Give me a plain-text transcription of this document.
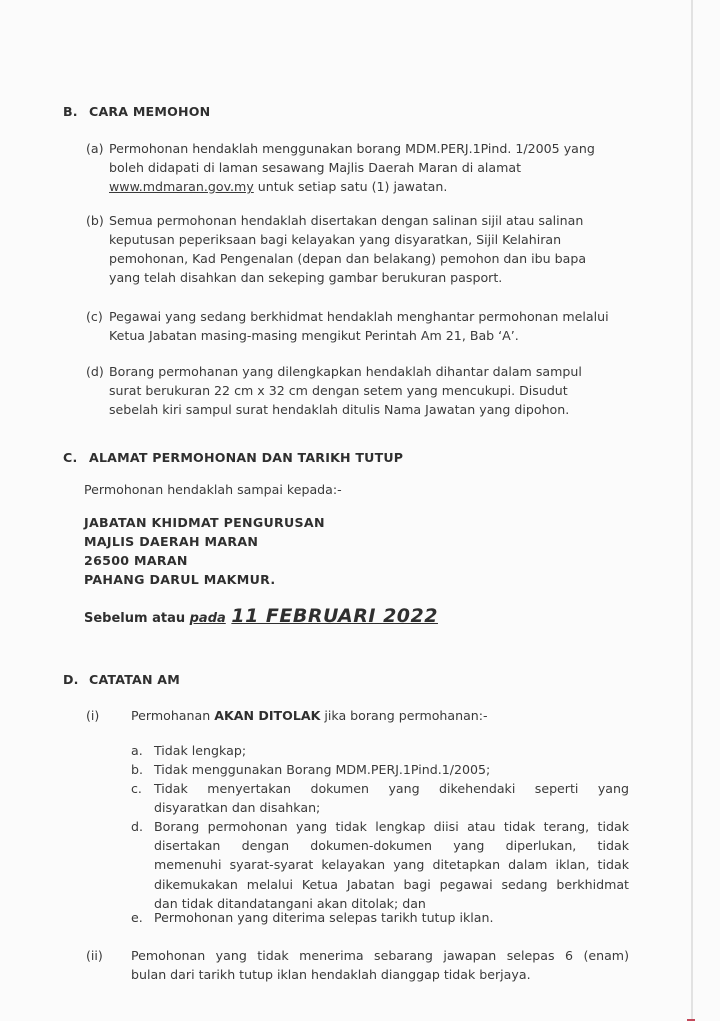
B. CARA MEMOHON
(a) Permohonan hendaklah menggunakan borang MDM.PERJ.1Pind. 1/2005 yang
boleh didapati di laman sesawang Majlis Daerah Maran di alamat
www.mdmaran.gov.my untuk setiap satu (1) jawatan.
(b) Semua permohonan hendaklah disertakan dengan salinan sijil atau salinan
keputusan peperiksaan bagi kelayakan yang disyaratkan, Sijil Kelahiran
pemohonan, Kad Pengenalan (depan dan belakang) pemohon dan ibu bapa
yang telah disahkan dan sekeping gambar berukuran pasport.
(c) Pegawai yang sedang berkhidmat hendaklah menghantar permohonan melalui
Ketua Jabatan masing-masing mengikut Perintah Am 21, Bab ‘A’.
(d) Borang permohanan yang dilengkapkan hendaklah dihantar dalam sampul
surat berukuran 22 cm x 32 cm dengan setem yang mencukupi. Disudut
sebelah kiri sampul surat hendaklah ditulis Nama Jawatan yang dipohon.
C. ALAMAT PERMOHONAN DAN TARIKH TUTUP
Permohonan hendaklah sampai kepada:-
JABATAN KHIDMAT PENGURUSAN
MAJLIS DAERAH MARAN
26500 MARAN
PAHANG DARUL MAKMUR.
Sebelum atau pada 11 FEBRUARI 2022
D. CATATAN AM
(i)	Permohanan AKAN DITOLAK jika borang permohanan:-
a. Tidak lengkap;
b. Tidak menggunakan Borang MDM.PERJ.1Pind.1/2005;
c. Tidak menyertakan dokumen yang dikehendaki seperti yang
disyaratkan dan disahkan;
d. Borang permohonan yang tidak lengkap diisi atau tidak terang, tidak
disertakan dengan dokumen-dokumen yang diperlukan, tidak
memenuhi syarat-syarat kelayakan yang ditetapkan dalam iklan, tidak
dikemukakan melalui Ketua Jabatan bagi pegawai sedang berkhidmat
dan tidak ditandatangani akan ditolak; dan
e. Permohonan yang diterima selepas tarikh tutup iklan.
(ii) Pemohonan yang tidak menerima sebarang jawapan selepas 6 (enam)
bulan dari tarikh tutup iklan hendaklah dianggap tidak berjaya.
